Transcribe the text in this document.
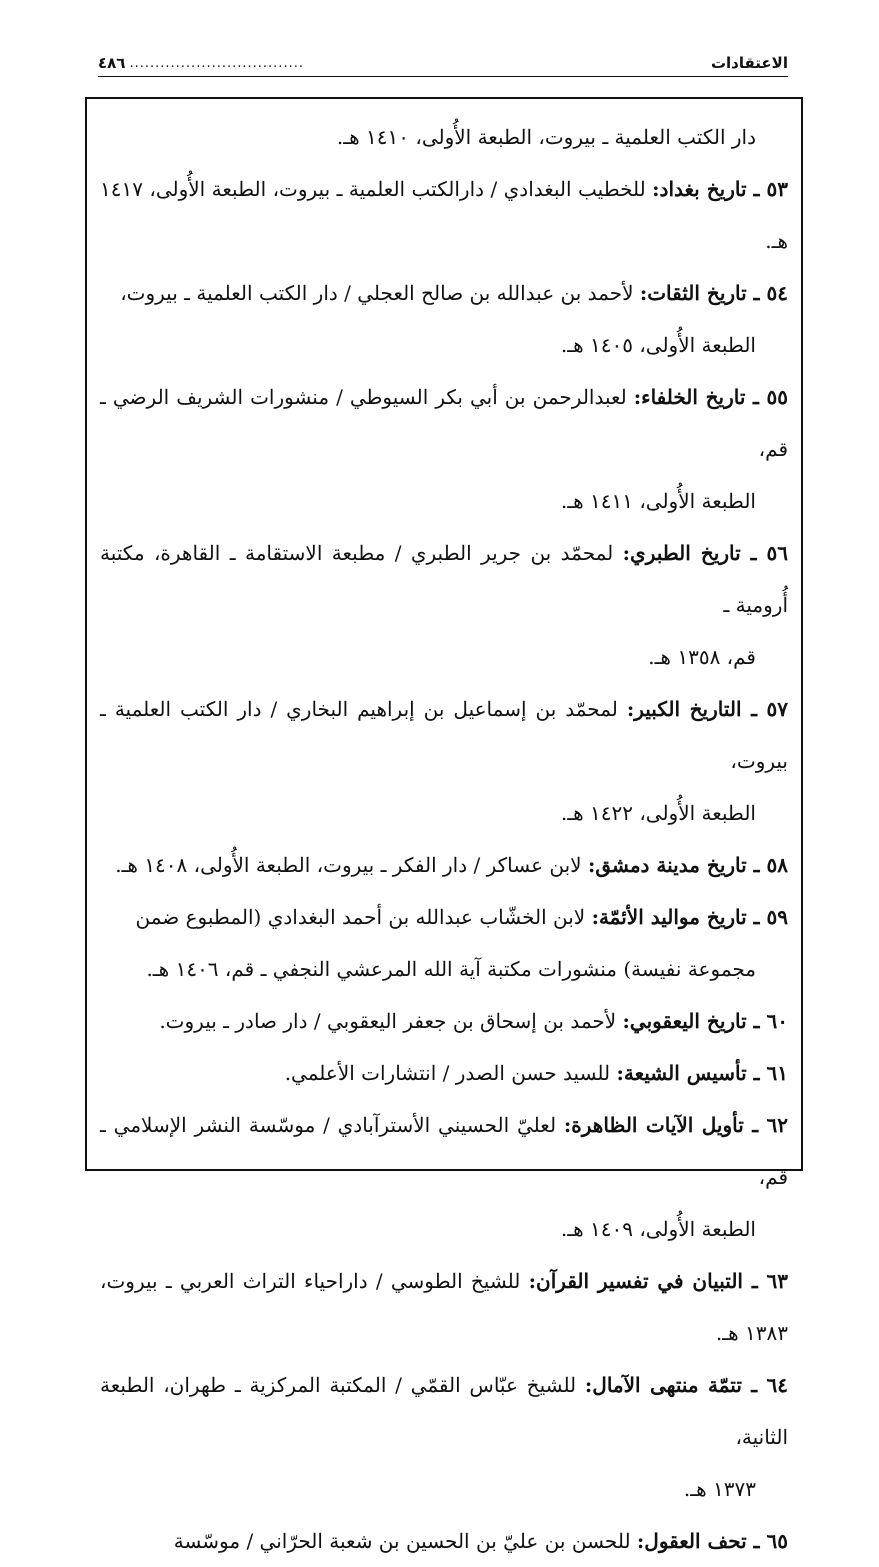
٤٨٦ ..................................	الاعتقادات
دار الكتب العلمية ـ بيروت، الطبعة الأُولى، ١٤١٠ هـ.
٥٣ ـ تاريخ بغداد: للخطيب البغدادي / دارالكتب العلمية ـ بيروت، الطبعة الأُولى، ١٤١٧ هـ.
٥٤ ـ تاريخ الثقات: لأحمد بن عبدالله بن صالح العجلي / دار الكتب العلمية ـ بيروت،
الطبعة الأُولى، ١٤٠٥ هـ.
٥٥ ـ تاريخ الخلفاء: لعبدالرحمن بن أبي بكر السيوطي / منشورات الشريف الرضي ـ قم،
الطبعة الأُولى، ١٤١١ هـ.
٥٦ ـ تاريخ الطبري: لمحمّد بن جرير الطبري / مطبعة الاستقامة ـ القاهرة، مكتبة أُرومية ـ
قم، ١٣٥٨ هـ.
٥٧ ـ التاريخ الكبير: لمحمّد بن إسماعيل بن إبراهيم البخاري / دار الكتب العلمية ـ بيروت،
الطبعة الأُولى، ١٤٢٢ هـ.
٥٨ ـ تاريخ مدينة دمشق: لابن عساكر / دار الفكر ـ بيروت، الطبعة الأُولى، ١٤٠٨ هـ.
٥٩ ـ تاريخ مواليد الأئمّة: لابن الخشّاب عبدالله بن أحمد البغدادي (المطبوع ضمن
مجموعة نفيسة) منشورات مكتبة آية الله المرعشي النجفي ـ قم، ١٤٠٦ هـ.
٦٠ ـ تاريخ اليعقوبي: لأحمد بن إسحاق بن جعفر اليعقوبي / دار صادر ـ بيروت.
٦١ ـ تأسيس الشيعة: للسيد حسن الصدر / انتشارات الأعلمي.
٦٢ ـ تأويل الآيات الظاهرة: لعليّ الحسيني الأسترآبادي / موسّسة النشر الإسلامي ـ قم،
الطبعة الأُولى، ١٤٠٩ هـ.
٦٣ ـ التبيان في تفسير القرآن: للشيخ الطوسي / داراحياء التراث العربي ـ بيروت، ١٣٨٣ هـ.
٦٤ ـ تتمّة منتهى الآمال: للشيخ عبّاس القمّي / المكتبة المركزية ـ طهران، الطبعة الثانية،
١٣٧٣ هـ.
٦٥ ـ تحف العقول: للحسن بن عليّ بن الحسين بن شعبة الحرّاني / موسّسة
